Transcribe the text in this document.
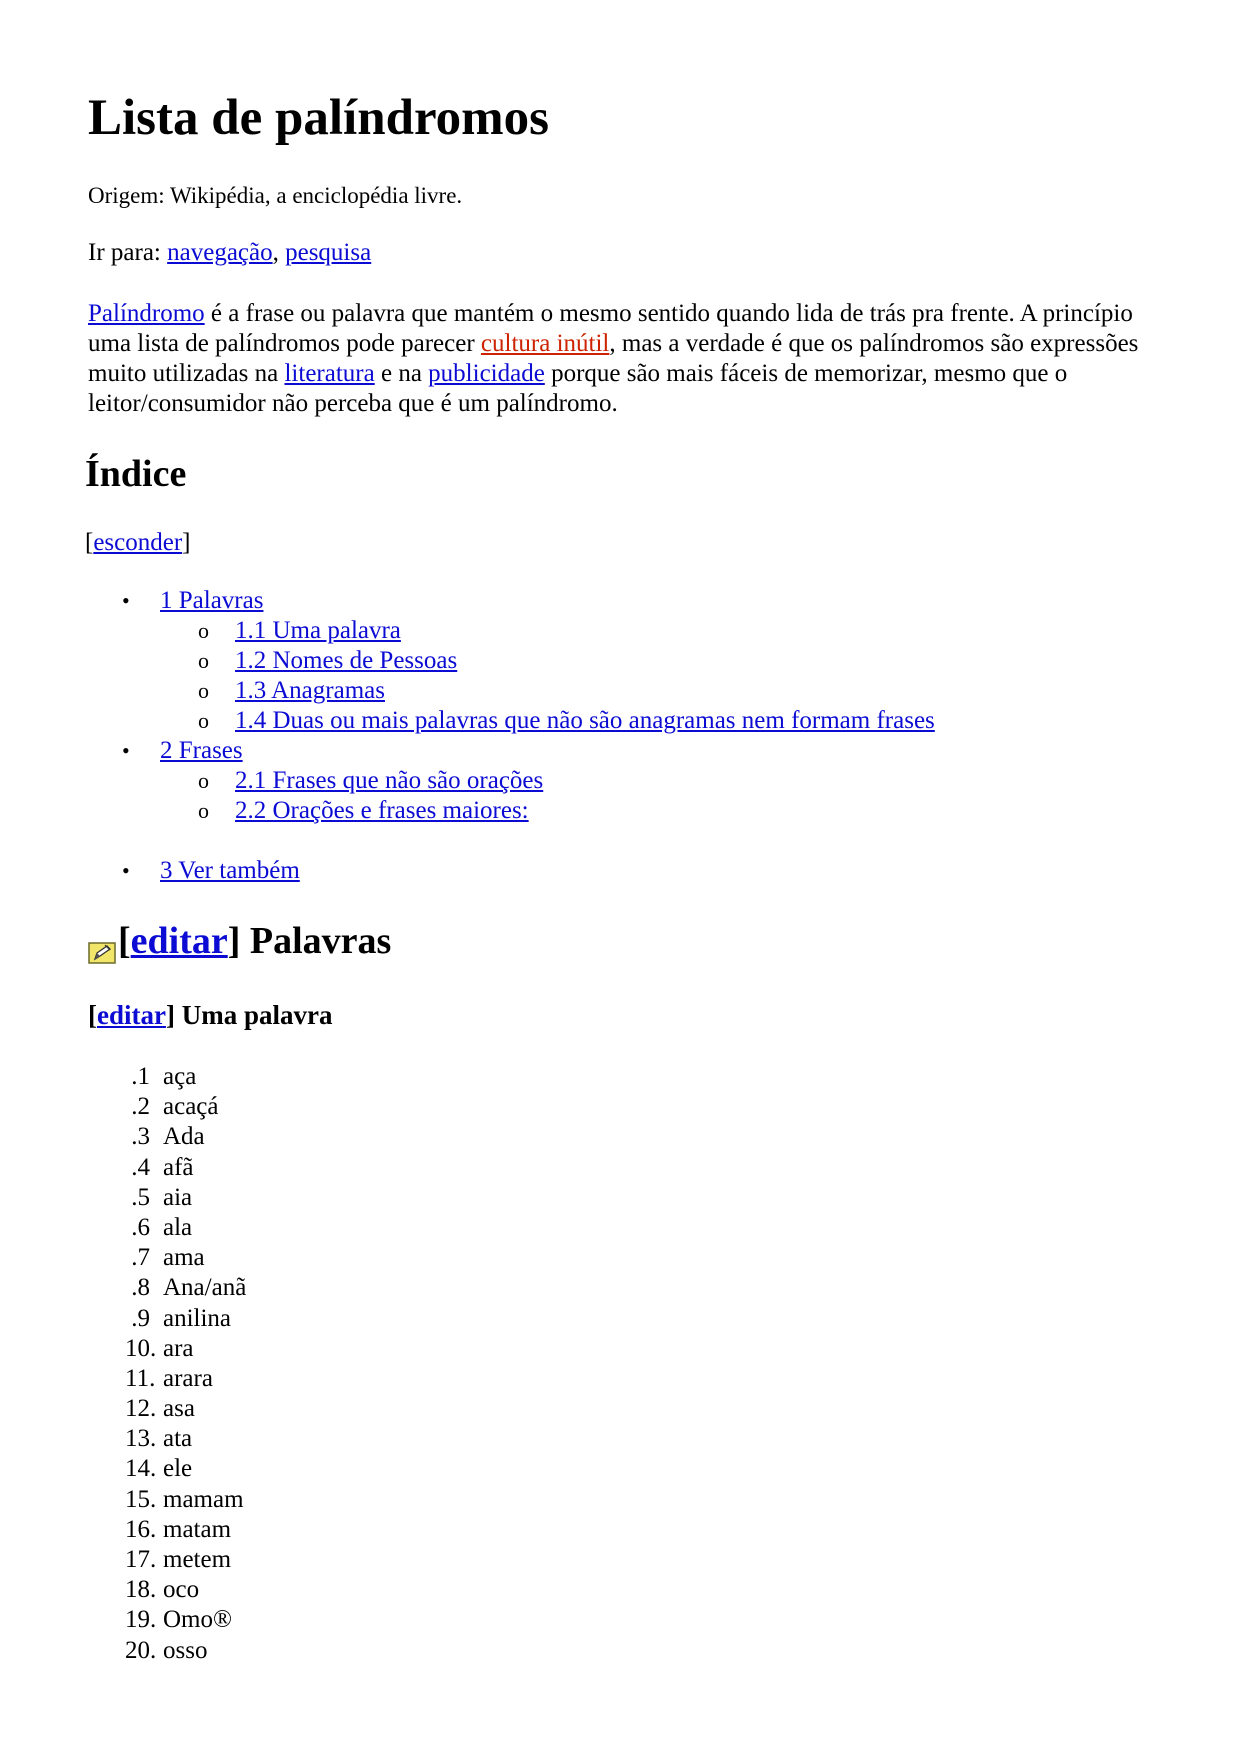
Lista de palíndromos
Origem: Wikipédia, a enciclopédia livre.
Ir para: navegação, pesquisa

Palíndromo é a frase ou palavra que mantém o mesmo sentido quando lida de trás pra frente. A princípio uma lista de palíndromos pode parecer cultura inútil, mas a verdade é que os palíndromos são expressões muito utilizadas na literatura e na publicidade porque são mais fáceis de memorizar, mesmo que o leitor/consumidor não perceba que é um palíndromo.

Índice
[esconder]
• 1 Palavras
o 1.1 Uma palavra
o 1.2 Nomes de Pessoas
o 1.3 Anagramas
o 1.4 Duas ou mais palavras que não são anagramas nem formam frases
• 2 Frases
o 2.1 Frases que não são orações
o 2.2 Orações e frases maiores:
• 3 Ver também
[ editar ] Palavras
[editar] Uma palavra
1. aça
2. acaçá
3. Ada
4. afã
5. aia
6. ala
7. ama
8. Ana/anã
9. anilina
10. ara
11. arara
12. asa
13. ata
14. ele
15. mamam
16. matam
17. metem
18. oco
19. Omo®
20. osso
